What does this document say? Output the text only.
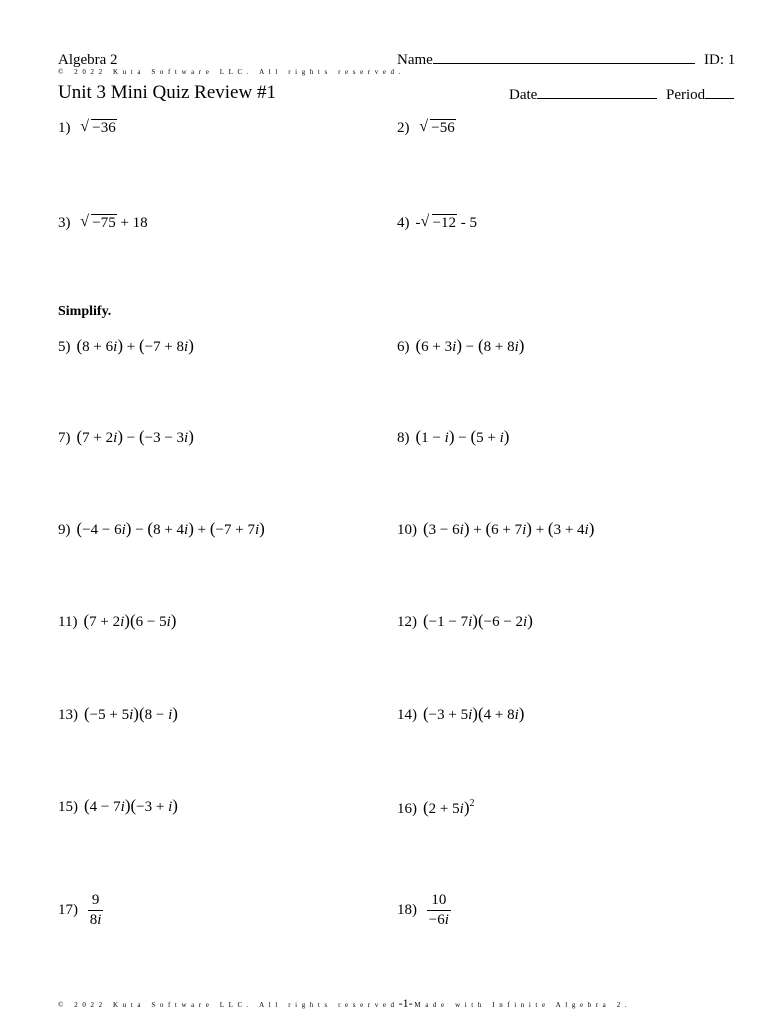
Algebra 2
© 2022 Kuta Software LLC. All rights reserved.
Name	ID: 1
Unit 3 Mini Quiz Review #1	Date	Period
1) √ −36	2) √ −56
3) √ −75 + 18	4) - √ −12 - 5
Simplify.
5) (8 + 6i) + (−7 + 8i)	6) (6 + 3i) − (8 + 8i)
7) (7 + 2i) − (−3 − 3i)	8) (1 − i) − (5 + i)
9) (−4 − 6i) − (8 + 4i) + (−7 + 7i)	10) (3 − 6i) + (6 + 7i) + (3 + 4i)
11) (7 + 2i)(6 − 5i)	12) (−1 − 7i)(−6 − 2i)
13) (−5 + 5i)(8 − i)	14) (−3 + 5i)(4 + 8i)
15) (4 − 7i)(−3 + i)	16) $(2 + 5i)^2$
$17) \frac{9}{8i}$	$18) \frac{10}{-6i}$
© 2022 Kuta Software LLC. All rights reserved-1- Made with Infinite Algebra 2.
